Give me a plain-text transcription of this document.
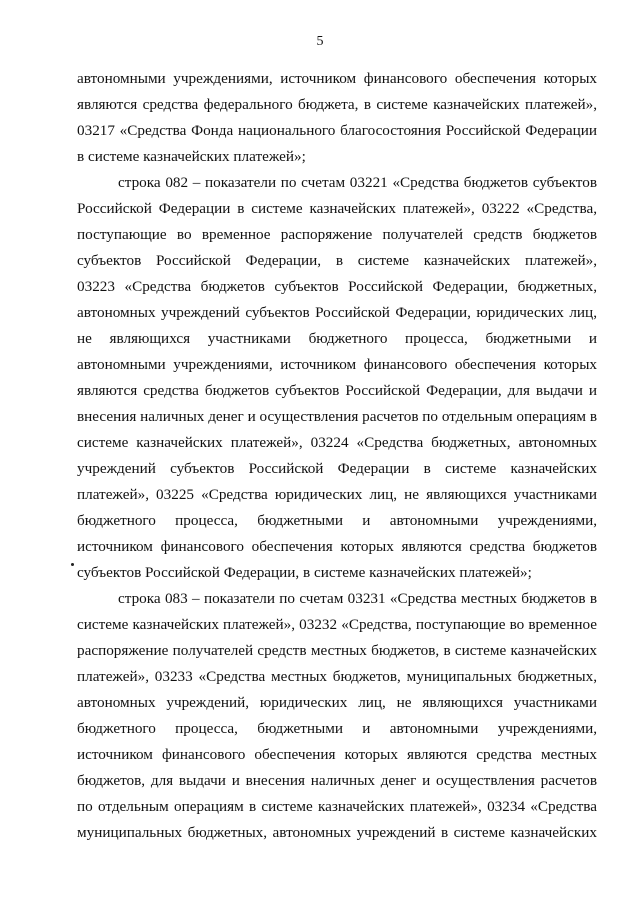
5
автономными учреждениями, источником финансового обеспечения которых
являются средства федерального бюджета, в системе казначейских платежей»,
03217 «Средства Фонда национального благосостояния Российской Федерации
в системе казначейских платежей»;
строка 082 – показатели по счетам 03221 «Средства бюджетов субъектов
Российской Федерации в системе казначейских платежей», 03222 «Средства,
поступающие во временное распоряжение получателей средств бюджетов
субъектов Российской Федерации, в системе казначейских платежей»,
03223 «Средства бюджетов субъектов Российской Федерации, бюджетных,
автономных учреждений субъектов Российской Федерации, юридических лиц,
не являющихся участниками бюджетного процесса, бюджетными и
автономными учреждениями, источником финансового обеспечения которых
являются средства бюджетов субъектов Российской Федерации, для выдачи и
внесения наличных денег и осуществления расчетов по отдельным операциям в
системе казначейских платежей», 03224 «Средства бюджетных, автономных
учреждений субъектов Российской Федерации в системе казначейских
платежей», 03225 «Средства юридических лиц, не являющихся участниками
бюджетного процесса, бюджетными и автономными учреждениями,
источником финансового обеспечения которых являются средства бюджетов
субъектов Российской Федерации, в системе казначейских платежей»;
строка 083 – показатели по счетам 03231 «Средства местных бюджетов в
системе казначейских платежей», 03232 «Средства, поступающие во временное
распоряжение получателей средств местных бюджетов, в системе казначейских
платежей», 03233 «Средства местных бюджетов, муниципальных бюджетных,
автономных учреждений, юридических лиц, не являющихся участниками
бюджетного процесса, бюджетными и автономными учреждениями,
источником финансового обеспечения которых являются средства местных
бюджетов, для выдачи и внесения наличных денег и осуществления расчетов
по отдельным операциям в системе казначейских платежей», 03234 «Средства
муниципальных бюджетных, автономных учреждений в системе казначейских
